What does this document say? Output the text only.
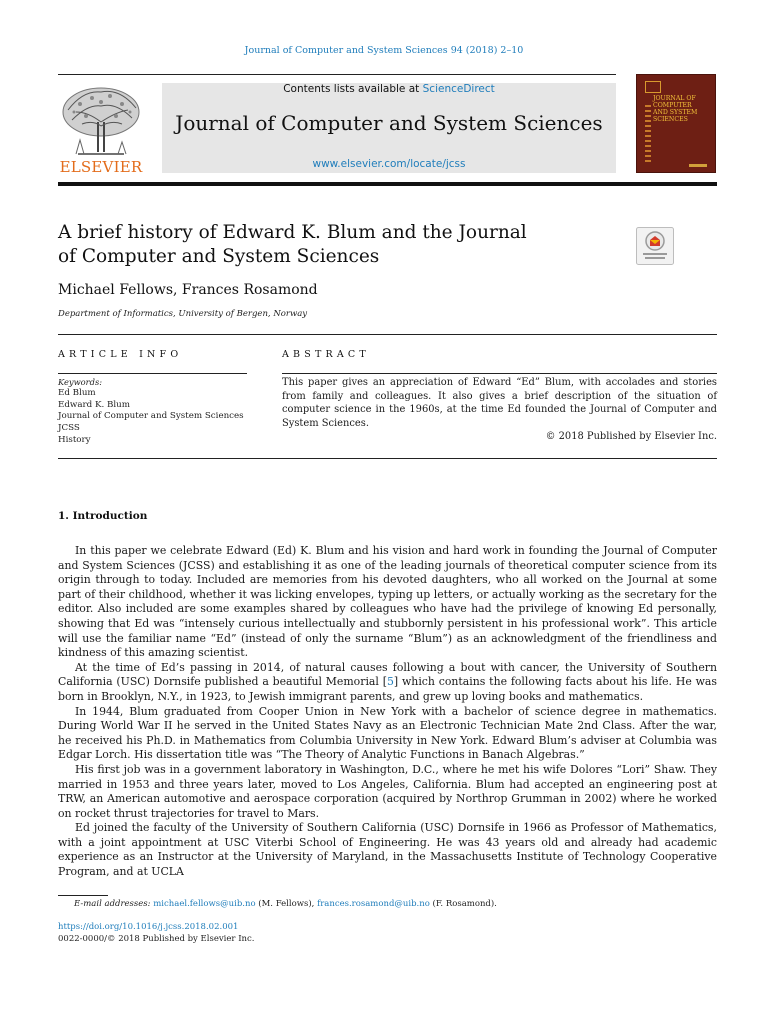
Journal of Computer and System Sciences 94 (2018) 2–10
ELSEVIER
Contents lists available at ScienceDirect
Journal of Computer and System Sciences
www.elsevier.com/locate/jcss
JOURNAL OF
COMPUTER
AND SYSTEM
SCIENCES
A brief history of Edward K. Blum and the Journal
of Computer and System Sciences
Michael Fellows, Frances Rosamond
Department of Informatics, University of Bergen, Norway
ARTICLE INFO	ABSTRACT
Keywords:
Ed Blum
Edward K. Blum
Journal of Computer and System Sciences
JCSS
History
This paper gives an appreciation of Edward “Ed” Blum, with accolades and stories from family and colleagues. It also gives a brief description of the situation of computer science in the 1960s, at the time Ed founded the Journal of Computer and System Sciences.
© 2018 Published by Elsevier Inc.
1. Introduction

In this paper we celebrate Edward (Ed) K. Blum and his vision and hard work in founding the Journal of Computer and System Sciences (JCSS) and establishing it as one of the leading journals of theoretical computer science from its origin through to today. Included are memories from his devoted daughters, who all worked on the Journal at some part of their childhood, whether it was licking envelopes, typing up letters, or actually working as the secretary for the editor. Also included are some examples shared by colleagues who have had the privilege of knowing Ed personally, showing that Ed was “intensely curious intellectually and stubbornly persistent in his professional work”. This article will use the familiar name “Ed” (instead of only the surname “Blum”) as an acknowledgment of the friendliness and kindness of this amazing scientist.

At the time of Ed’s passing in 2014, of natural causes following a bout with cancer, the University of Southern California (USC) Dornsife published a beautiful Memorial [5] which contains the following facts about his life. He was born in Brooklyn, N.Y., in 1923, to Jewish immigrant parents, and grew up loving books and mathematics.

In 1944, Blum graduated from Cooper Union in New York with a bachelor of science degree in mathematics. During World War II he served in the United States Navy as an Electronic Technician Mate 2nd Class. After the war, he received his Ph.D. in Mathematics from Columbia University in New York. Edward Blum’s adviser at Columbia was Edgar Lorch. His dissertation title was “The Theory of Analytic Functions in Banach Algebras.”

His first job was in a government laboratory in Washington, D.C., where he met his wife Dolores “Lori” Shaw. They married in 1953 and three years later, moved to Los Angeles, California. Blum had accepted an engineering post at TRW, an American automotive and aerospace corporation (acquired by Northrop Grumman in 2002) where he worked on rocket thrust trajectories for travel to Mars.

Ed joined the faculty of the University of Southern California (USC) Dornsife in 1966 as Professor of Mathematics, with a joint appointment at USC Viterbi School of Engineering. He was 43 years old and already had academic experience as an Instructor at the University of Maryland, in the Massachusetts Institute of Technology Cooperative Program, and at UCLA

E-mail addresses: michael.fellows@uib.no (M. Fellows), frances.rosamond@uib.no (F. Rosamond).
https://doi.org/10.1016/j.jcss.2018.02.001
0022-0000/© 2018 Published by Elsevier Inc.
